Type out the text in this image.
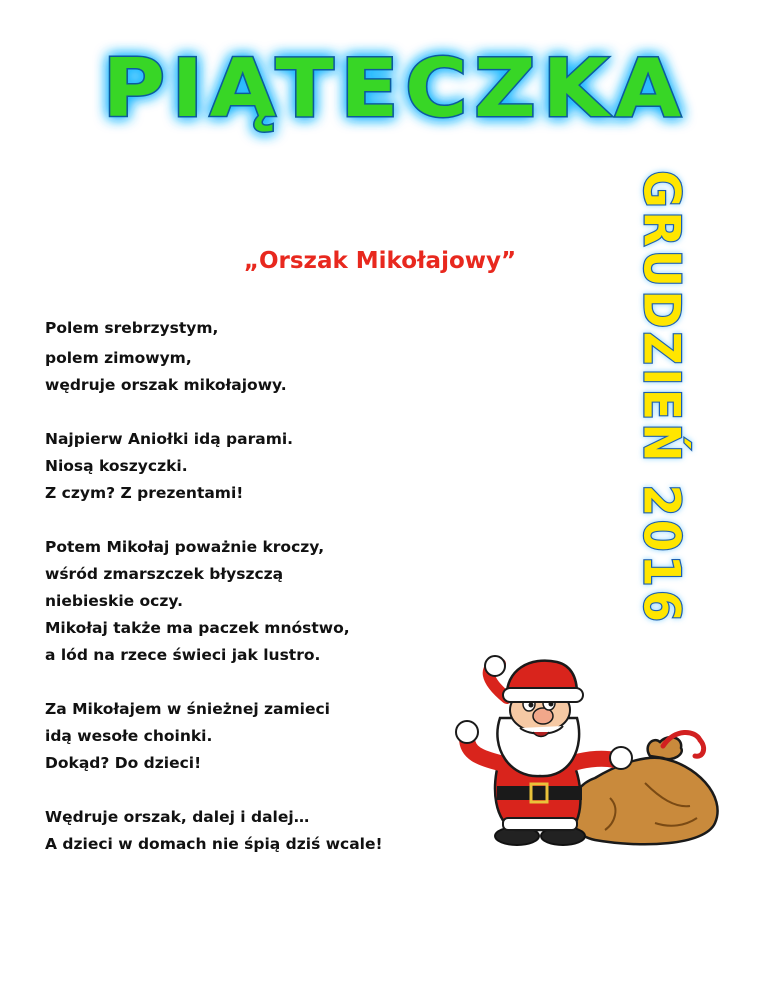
PIĄTECZKA
GRUDZIEŃ 2016
„Orszak Mikołajowy”
Polem srebrzystym,
polem zimowym,
wędruje orszak mikołajowy.
Najpierw Aniołki idą parami.
Niosą koszyczki.
Z czym? Z prezentami!
Potem Mikołaj poważnie kroczy,
wśród zmarszczek błyszczą
niebieskie oczy.
Mikołaj także ma paczek mnóstwo,
a lód na rzece świeci jak lustro.
Za Mikołajem w śnieżnej zamieci
idą wesołe choinki.
Dokąd? Do dzieci!
Wędruje orszak, dalej i dalej…
A dzieci w domach nie śpią dziś wcale!
